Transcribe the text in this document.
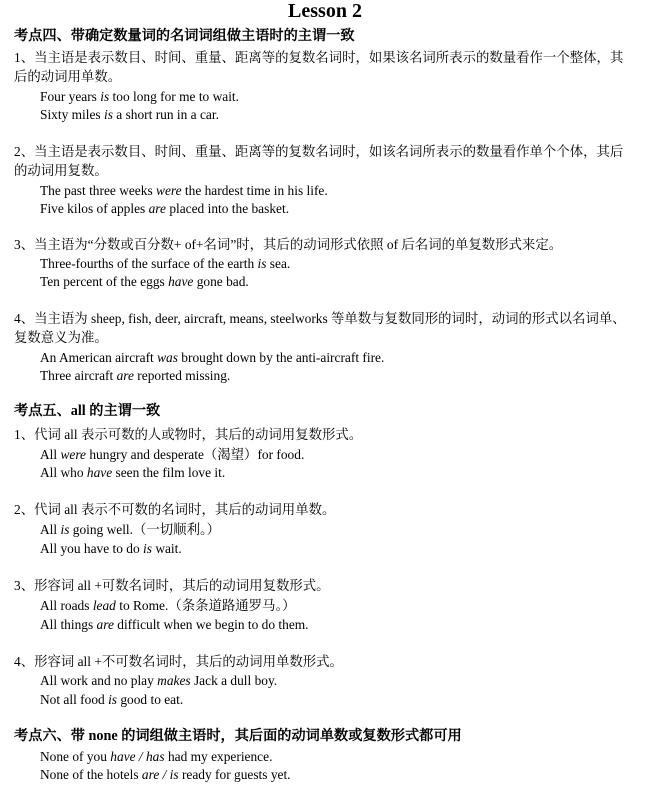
Lesson 2
考点四、带确定数量词的名词词组做主语时的主谓一致
1、当主语是表示数目、时间、重量、距离等的复数名词时，如果该名词所表示的数量看作一个整体，其后的动词用单数。
Four years is too long for me to wait.
Sixty miles is a short run in a car.
2、当主语是表示数目、时间、重量、距离等的复数名词时，如该名词所表示的数量看作单个个体，其后的动词用复数。
The past three weeks were the hardest time in his life.
Five kilos of apples are placed into the basket.
3、当主语为“分数或百分数+ of+名词”时，其后的动词形式依照 of 后名词的单复数形式来定。
Three-fourths of the surface of the earth is sea.
Ten percent of the eggs have gone bad.
4、当主语为 sheep, fish, deer, aircraft, means, steelworks 等单数与复数同形的词时，动词的形式以名词单、复数意义为准。
An American aircraft was brought down by the anti-aircraft fire.
Three aircraft are reported missing.
考点五、all 的主谓一致
1、代词 all 表示可数的人或物时，其后的动词用复数形式。
All were hungry and desperate（渴望）for food.
All who have seen the film love it.
2、代词 all 表示不可数的名词时，其后的动词用单数。
All is going well.（一切顺利。）
All you have to do is wait.
3、形容词 all +可数名词时，其后的动词用复数形式。
All roads lead to Rome.（条条道路通罗马。）
All things are difficult when we begin to do them.
4、形容词 all +不可数名词时，其后的动词用单数形式。
All work and no play makes Jack a dull boy.
Not all food is good to eat.
考点六、带 none 的词组做主语时，其后面的动词单数或复数形式都可用
None of you have / has had my experience.
None of the hotels are / is ready for guests yet.
